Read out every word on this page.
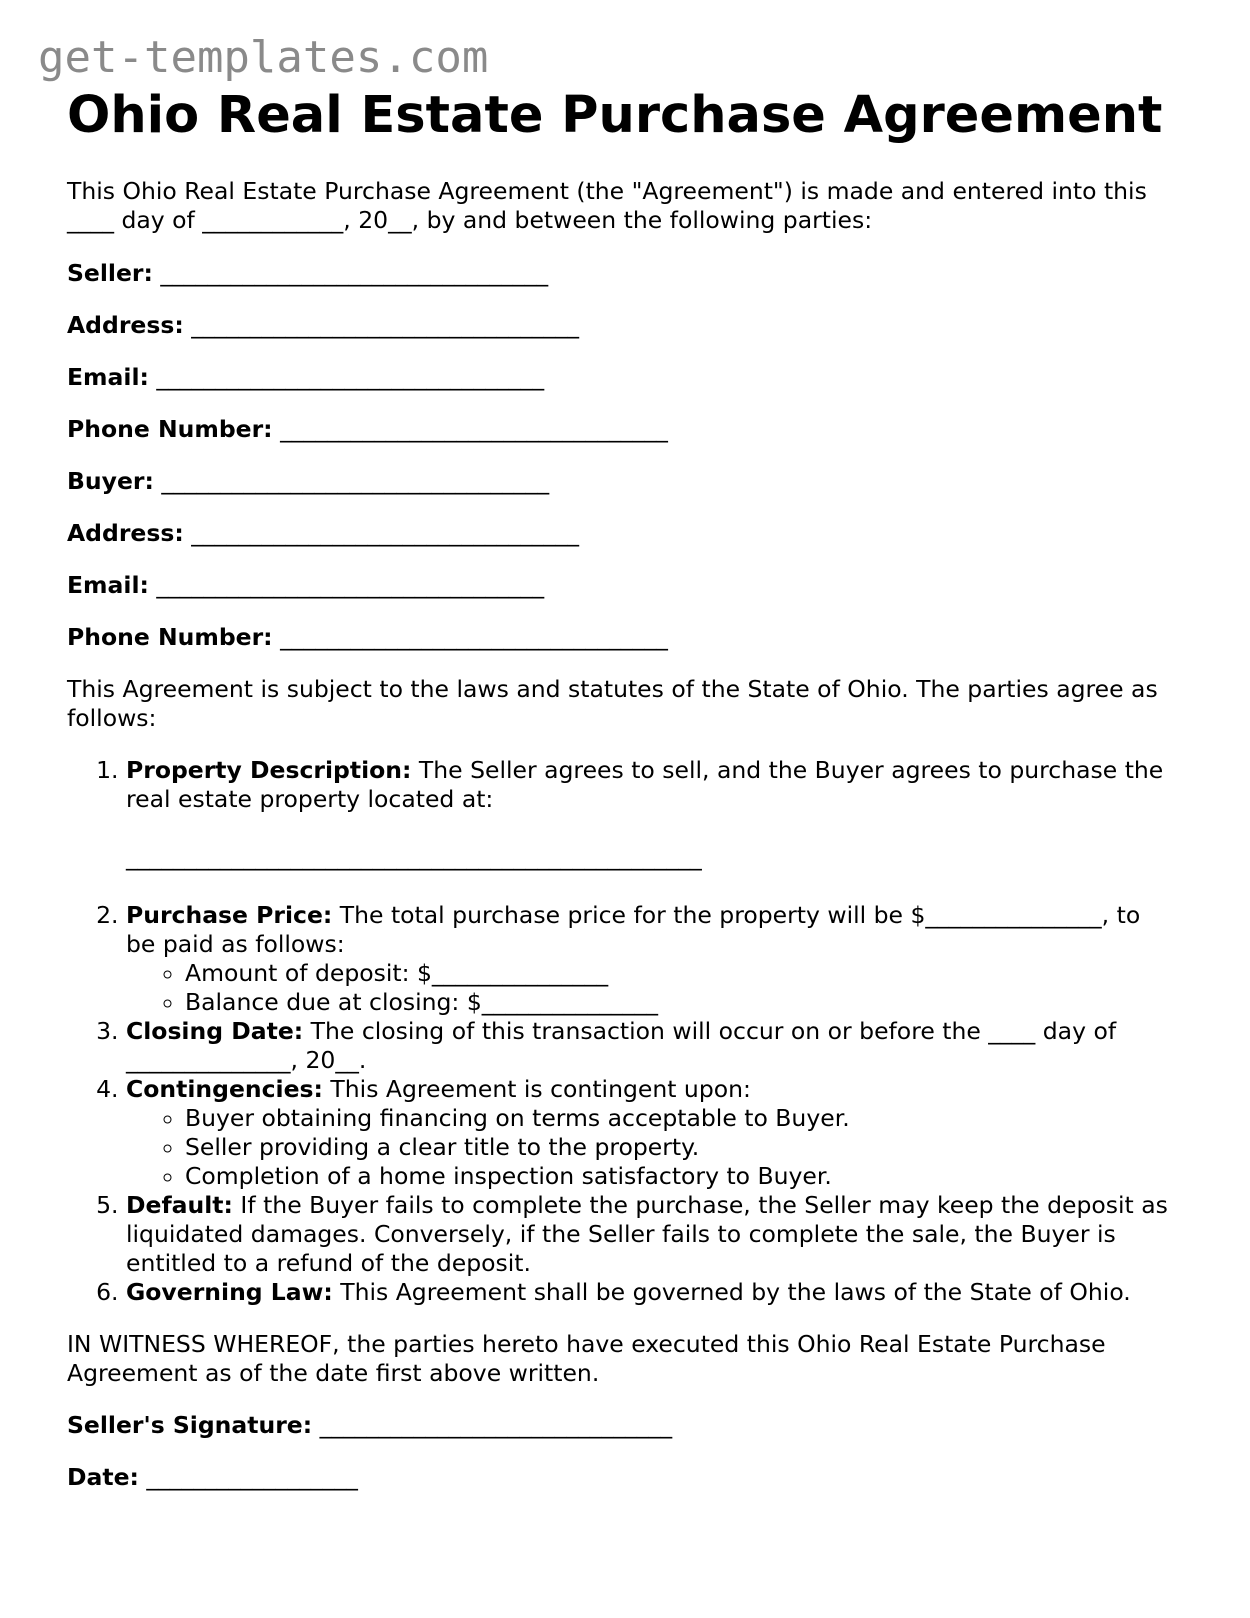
get-templates.com
Ohio Real Estate Purchase Agreement

This Ohio Real Estate Purchase Agreement (the "Agreement") is made and entered into this ____ day of ____________, 20__, by and between the following parties:

Seller: _________________________________

Address: _________________________________

Email: _________________________________

Phone Number: _________________________________

Buyer: _________________________________

Address: _________________________________

Email: _________________________________

Phone Number: _________________________________

This Agreement is subject to the laws and statutes of the State of Ohio. The parties agree as follows:

1. Property Description: The Seller agrees to sell, and the Buyer agrees to purchase the real estate property located at:
_________________________________________________
2. Purchase Price: The total purchase price for the property will be $_______________, to be paid as follows:
◦ Amount of deposit: $_______________
◦ Balance due at closing: $_______________
3. Closing Date: The closing of this transaction will occur on or before the ____ day of ______________, 20__.
4. Contingencies: This Agreement is contingent upon:
◦ Buyer obtaining financing on terms acceptable to Buyer.
◦ Seller providing a clear title to the property.
◦ Completion of a home inspection satisfactory to Buyer.
5. Default: If the Buyer fails to complete the purchase, the Seller may keep the deposit as liquidated damages. Conversely, if the Seller fails to complete the sale, the Buyer is entitled to a refund of the deposit.
6. Governing Law: This Agreement shall be governed by the laws of the State of Ohio.

IN WITNESS WHEREOF, the parties hereto have executed this Ohio Real Estate Purchase Agreement as of the date first above written.

Seller's Signature: ______________________________

Date: __________________
